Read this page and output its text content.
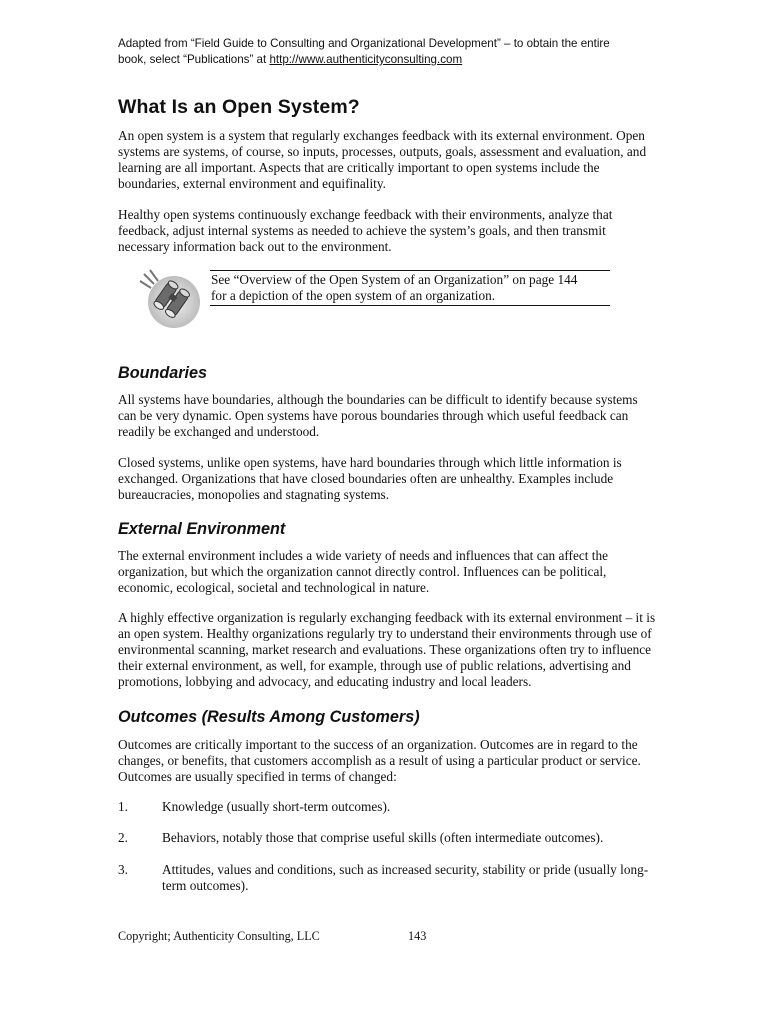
Adapted from “Field Guide to Consulting and Organizational Development” – to obtain the entire
book, select “Publications” at http://www.authenticityconsulting.com
What Is an Open System?

An open system is a system that regularly exchanges feedback with its external environment. Open systems are systems, of course, so inputs, processes, outputs, goals, assessment and evaluation, and learning are all important. Aspects that are critically important to open systems include the boundaries, external environment and equifinality.

Healthy open systems continuously exchange feedback with their environments, analyze that feedback, adjust internal systems as needed to achieve the system’s goals, and then transmit necessary information back out to the environment.

See “Overview of the Open System of an Organization” on page 144
for a depiction of the open system of an organization.
Boundaries

All systems have boundaries, although the boundaries can be difficult to identify because systems can be very dynamic. Open systems have porous boundaries through which useful feedback can readily be exchanged and understood.

Closed systems, unlike open systems, have hard boundaries through which little information is exchanged. Organizations that have closed boundaries often are unhealthy. Examples include bureaucracies, monopolies and stagnating systems.

External Environment

The external environment includes a wide variety of needs and influences that can affect the organization, but which the organization cannot directly control. Influences can be political, economic, ecological, societal and technological in nature.

A highly effective organization is regularly exchanging feedback with its external environment – it is an open system. Healthy organizations regularly try to understand their environments through use of environmental scanning, market research and evaluations. These organizations often try to influence their external environment, as well, for example, through use of public relations, advertising and promotions, lobbying and advocacy, and educating industry and local leaders.

Outcomes (Results Among Customers)

Outcomes are critically important to the success of an organization. Outcomes are in regard to the changes, or benefits, that customers accomplish as a result of using a particular product or service. Outcomes are usually specified in terms of changed:

1.	Knowledge (usually short-term outcomes).
2.	Behaviors, notably those that comprise useful skills (often intermediate outcomes).
3.	Attitudes, values and conditions, such as increased security, stability or pride (usually long-term outcomes).
Copyright; Authenticity Consulting, LLC	143
